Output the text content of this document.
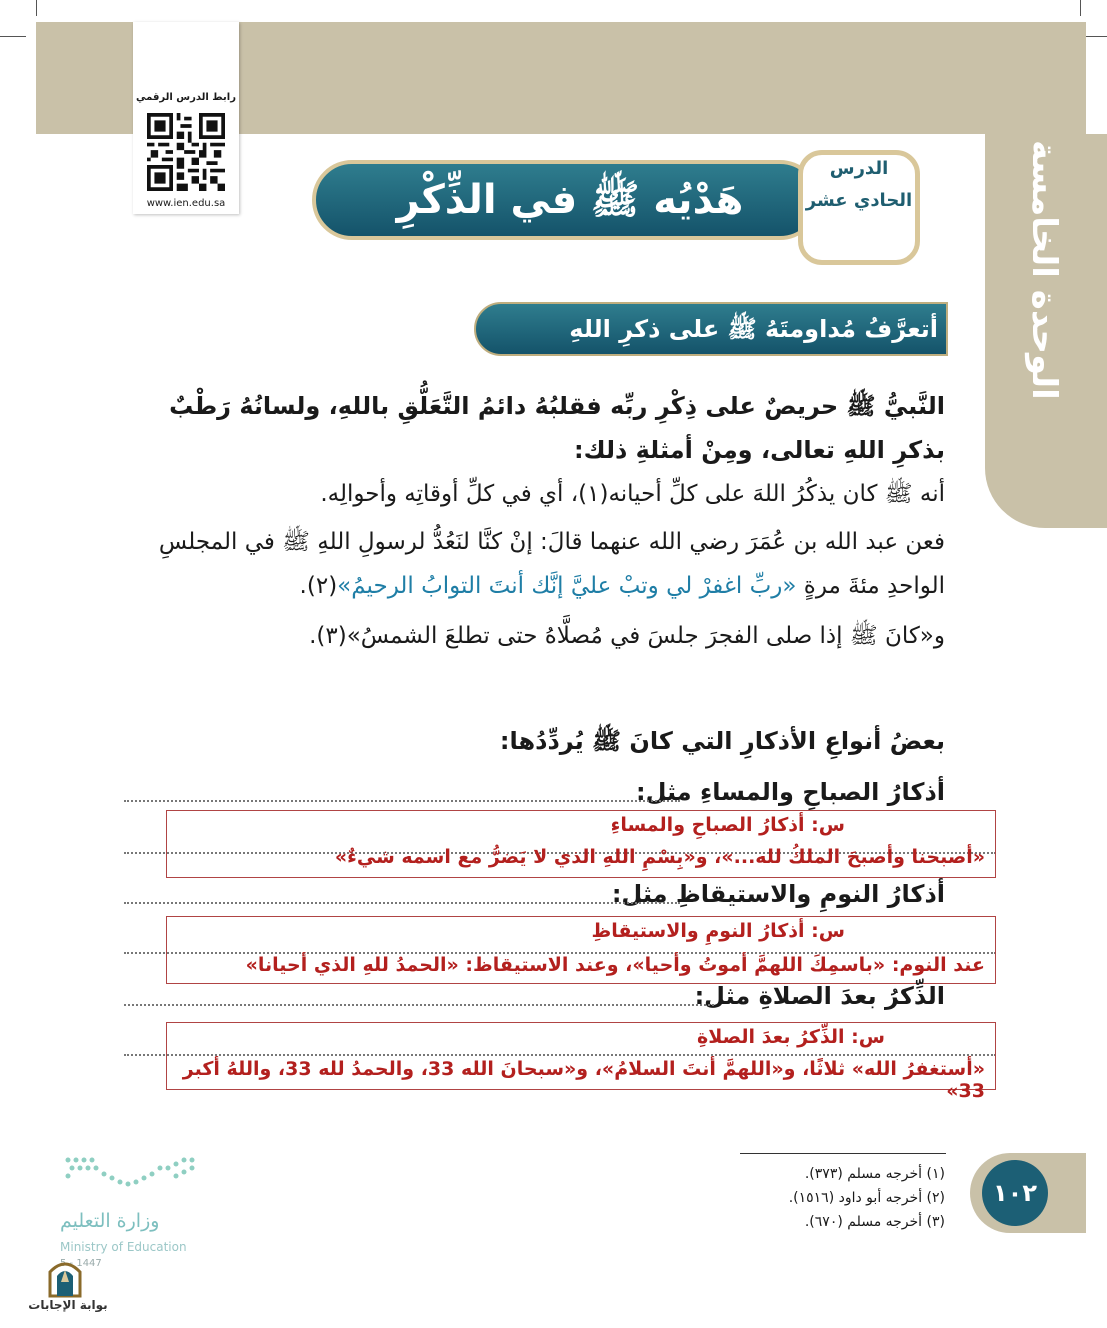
الوحدة الخامسة
رابط الدرس الرقمي
www.ien.edu.sa	هَدْيُه ﷺ في الذِّكْرِ
الدرس الحادي عشر
أتعرَّفُ مُداومتَهُ ﷺ على ذكرِ اللهِ
النَّبيُّ ﷺ حريصٌ على ذِكْرِ ربِّه فقلبُهُ دائمُ التَّعَلُّقِ باللهِ، ولسانُهُ رَطْبٌ بذكرِ اللهِ تعالى، ومِنْ أمثلةِ ذلك:
أنه ﷺ كان يذكُرُ اللهَ على كلِّ أحيانه(١)، أي في كلِّ أوقاتِه وأحوالِه.
فعن عبد الله بن عُمَرَ رضي الله عنهما قالَ: إنْ كنَّا لنَعُدُّ لرسولِ اللهِ ﷺ في المجلسِ الواحدِ مئةَ مرةٍ «ربِّ اغفرْ لي وتبْ عليَّ إنَّك أنتَ التوابُ الرحيمُ»(٢).
و«كانَ ﷺ إذا صلى الفجرَ جلسَ في مُصلَّاهُ حتى تطلعَ الشمسُ»(٣).
بعضُ أنواعِ الأذكارِ التي كانَ ﷺ يُردِّدُها:
أذكارُ الصباحِ والمساءِ مثل:
س: أذكارُ الصباحِ والمساءِ
«أصبحنا وأصبحَ الملكُ لله...»، و«بِسْمِ اللهِ الذي لا يَضرُّ مع اسمه شيءٌ»
أذكارُ النومِ والاستيقاظِ مثل:
س: أذكارُ النومِ والاستيقاظِ
عند النوم: «باسمِكَ اللهمَّ أموتُ وأحيا»، وعند الاستيقاظ: «الحمدُ للهِ الذي أحيانا»
الذِّكرُ بعدَ الصلاةِ مثل:
س: الذِّكرُ بعدَ الصلاةِ
«أستغفرُ الله» ثلاثًا، و«اللهمَّ أنتَ السلامُ»، و«سبحانَ الله 33، والحمدُ لله 33، واللهُ أكبر 33»
(١) أخرجه مسلم (٣٧٣).
(٢) أخرجه أبو داود (١٥١٦).
(٣) أخرجه مسلم (٦٧٠).
١٠٢
وزارة التعليم
Ministry of Education
5 - 1447
بوابة الإجابات
